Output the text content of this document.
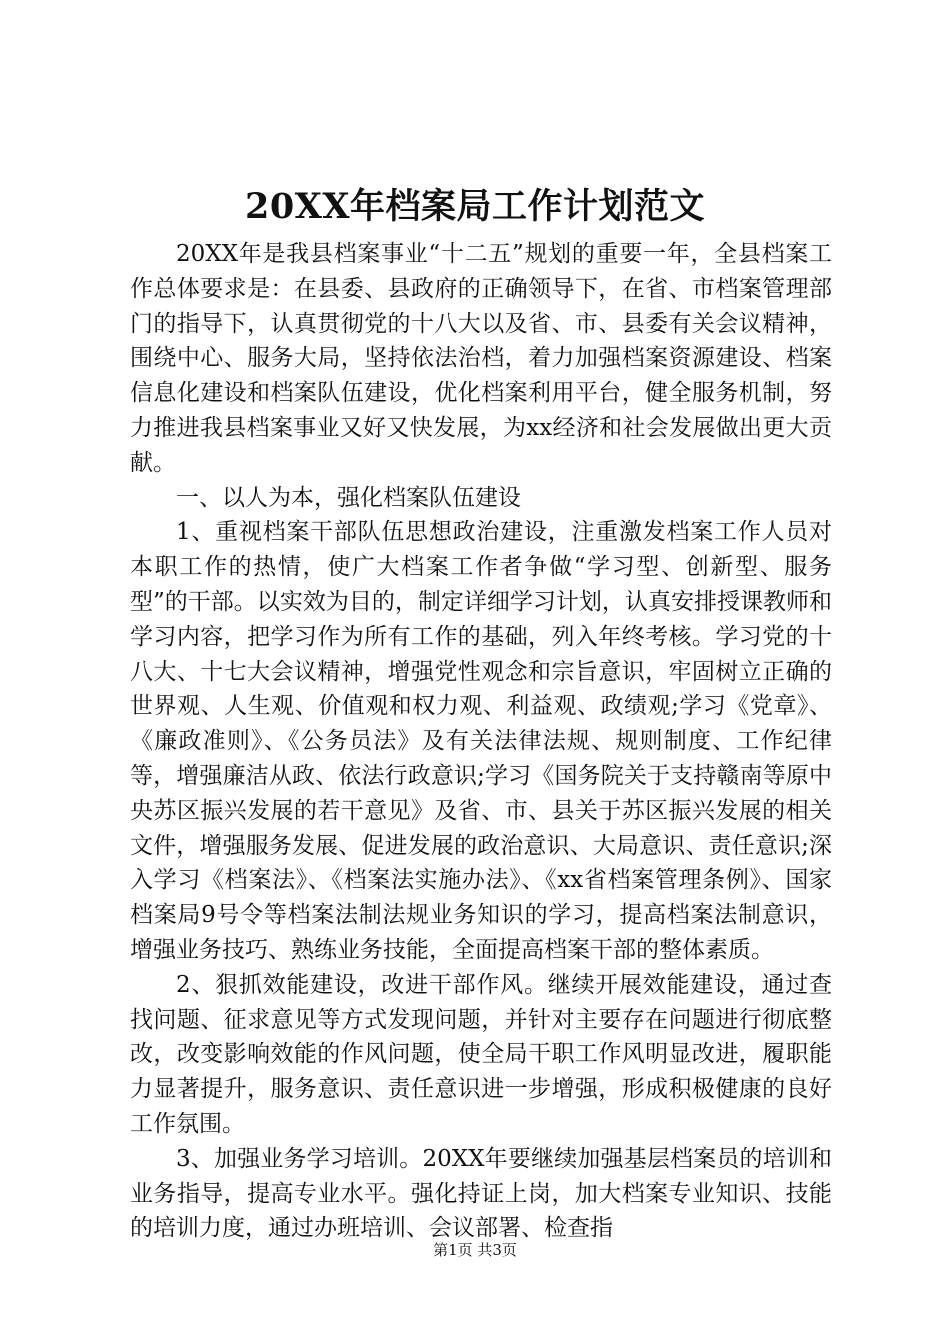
20XX年档案局工作计划范文

20XX年是我县档案事业“十二五”规划的重要一年，全县档案工作总体要求是：在县委、县政府的正确领导下，在省、市档案管理部门的指导下，认真贯彻党的十八大以及省、市、县委有关会议精神，围绕中心、服务大局，坚持依法治档，着力加强档案资源建设、档案信息化建设和档案队伍建设，优化档案利用平台，健全服务机制，努力推进我县档案事业又好又快发展，为xx经济和社会发展做出更大贡献。

一、以人为本，强化档案队伍建设

1、重视档案干部队伍思想政治建设，注重激发档案工作人员对本职工作的热情，使广大档案工作者争做“学习型、创新型、服务型”的干部。以实效为目的，制定详细学习计划，认真安排授课教师和学习内容，把学习作为所有工作的基础，列入年终考核。学习党的十八大、十七大会议精神，增强党性观念和宗旨意识，牢固树立正确的世界观、人生观、价值观和权力观、利益观、政绩观;学习《党章》、《廉政准则》、《公务员法》及有关法律法规、规则制度、工作纪律等，增强廉洁从政、依法行政意识;学习《国务院关于支持赣南等原中央苏区振兴发展的若干意见》及省、市、县关于苏区振兴发展的相关文件，增强服务发展、促进发展的政治意识、大局意识、责任意识;深入学习《档案法》、《档案法实施办法》、《xx省档案管理条例》、国家档案局9号令等档案法制法规业务知识的学习，提高档案法制意识，增强业务技巧、熟练业务技能，全面提高档案干部的整体素质。

2、狠抓效能建设，改进干部作风。继续开展效能建设，通过查找问题、征求意见等方式发现问题，并针对主要存在问题进行彻底整改，改变影响效能的作风问题，使全局干职工作风明显改进，履职能力显著提升，服务意识、责任意识进一步增强，形成积极健康的良好工作氛围。

3、加强业务学习培训。20XX年要继续加强基层档案员的培训和业务指导，提高专业水平。强化持证上岗，加大档案专业知识、技能的培训力度，通过办班培训、会议部署、检查指

第1页 共3页
